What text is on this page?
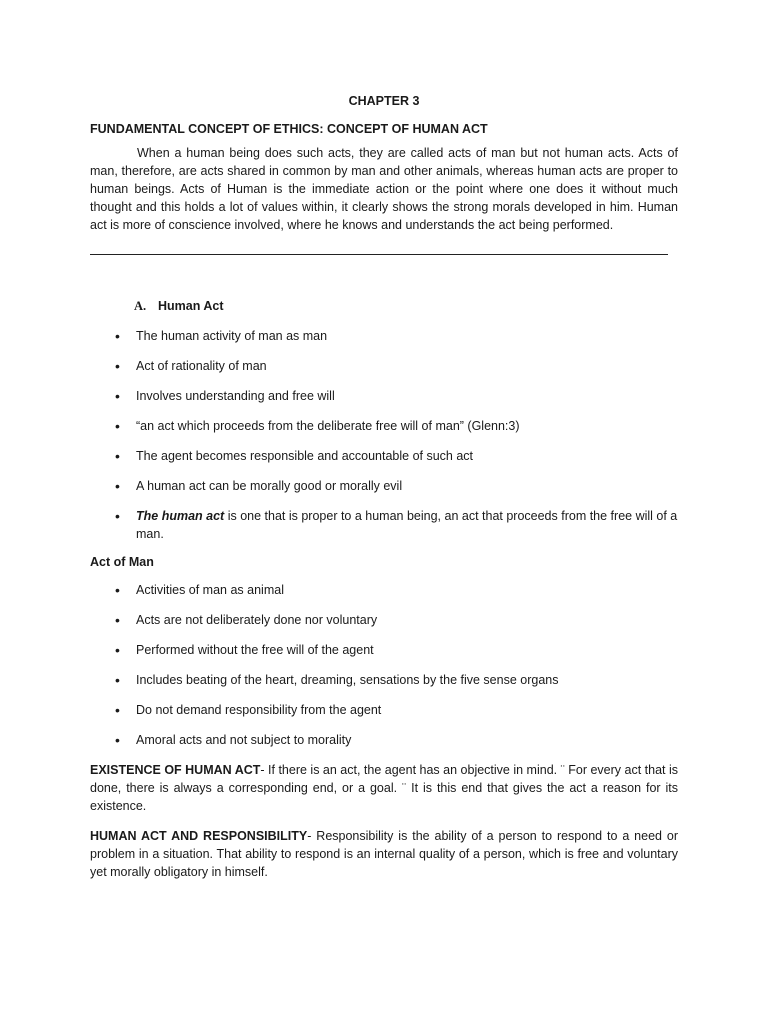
CHAPTER 3
FUNDAMENTAL CONCEPT OF ETHICS: CONCEPT OF HUMAN ACT

When a human being does such acts, they are called acts of man but not human acts. Acts of man, therefore, are acts shared in common by man and other animals, whereas human acts are proper to human beings. Acts of Human is the immediate action or the point where one does it without much thought and this holds a lot of values within, it clearly shows the strong morals developed in him. Human act is more of conscience involved, where he knows and understands the act being performed.

A. Human Act
• The human activity of man as man
• Act of rationality of man
• Involves understanding and free will
• “an act which proceeds from the deliberate free will of man” (Glenn:3)
• The agent becomes responsible and accountable of such act
• A human act can be morally good or morally evil
• The human act is one that is proper to a human being, an act that proceeds from the free will of a man.
Act of Man
• Activities of man as animal
• Acts are not deliberately done nor voluntary
• Performed without the free will of the agent
• Includes beating of the heart, dreaming, sensations by the five sense organs
• Do not demand responsibility from the agent
• Amoral acts and not subject to morality

EXISTENCE OF HUMAN ACT- If there is an act, the agent has an objective in mind. ¨ For every act that is done, there is always a corresponding end, or a goal. ¨ It is this end that gives the act a reason for its existence.

HUMAN ACT AND RESPONSIBILITY- Responsibility is the ability of a person to respond to a need or problem in a situation. That ability to respond is an internal quality of a person, which is free and voluntary yet morally obligatory in himself.
